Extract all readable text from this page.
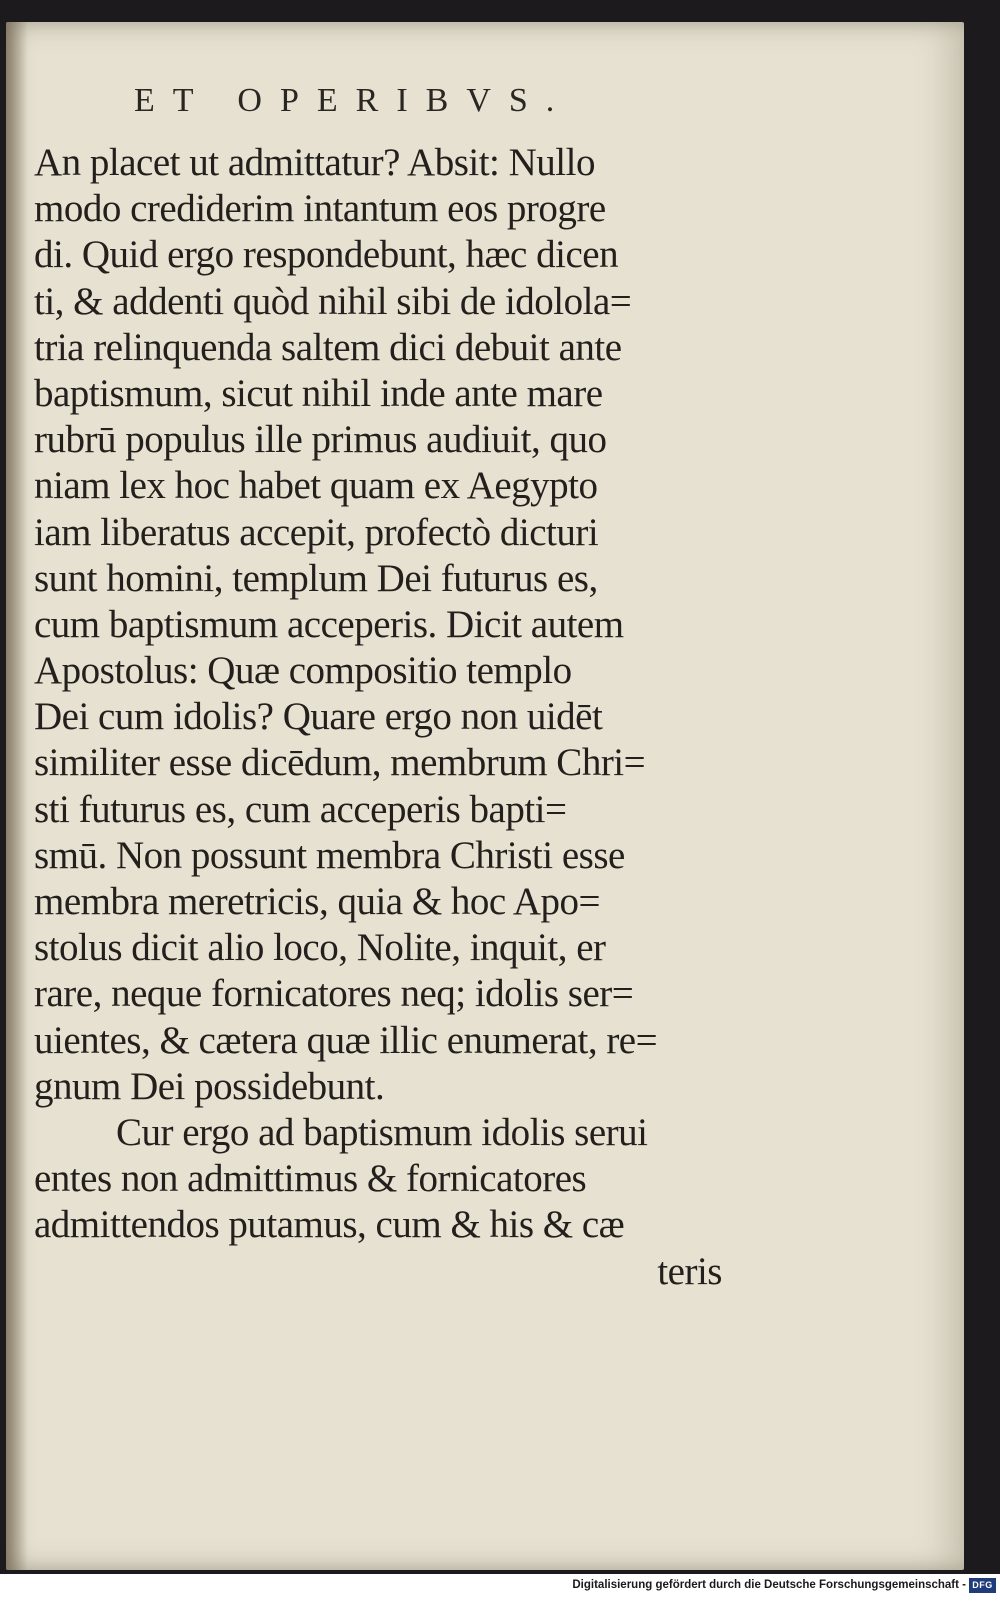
ET OPERIBVS.
An placet ut admittatur? Absit: Nullo
modo crediderim intantum eos progre
di. Quid ergo respondebunt, hæc dicen
ti, & addenti quòd nihil sibi de idolola=
tria relinquenda saltem dici debuit ante
baptismum, sicut nihil inde ante mare
rubrū populus ille primus audiuit, quo
niam lex hoc habet quam ex Aegypto
iam liberatus accepit, profectò dicturi
sunt homini, templum Dei futurus es,
cum baptismum acceperis. Dicit autem
Apostolus: Quæ compositio templo
Dei cum idolis? Quare ergo non uidēt
similiter esse dicēdum, membrum Chri=
sti futurus es, cum acceperis bapti=
smū. Non possunt membra Christi esse
membra meretricis, quia & hoc Apo=
stolus dicit alio loco, Nolite, inquit, er
rare, neque fornicatores neq; idolis ser=
uientes, & cætera quæ illic enumerat, re=
gnum Dei possidebunt.
Cur ergo ad baptismum idolis serui
entes non admittimus & fornicatores
admittendos putamus, cum & his & cæ
teris
Digitalisierung gefördert durch die Deutsche Forschungsgemeinschaft - DFG
